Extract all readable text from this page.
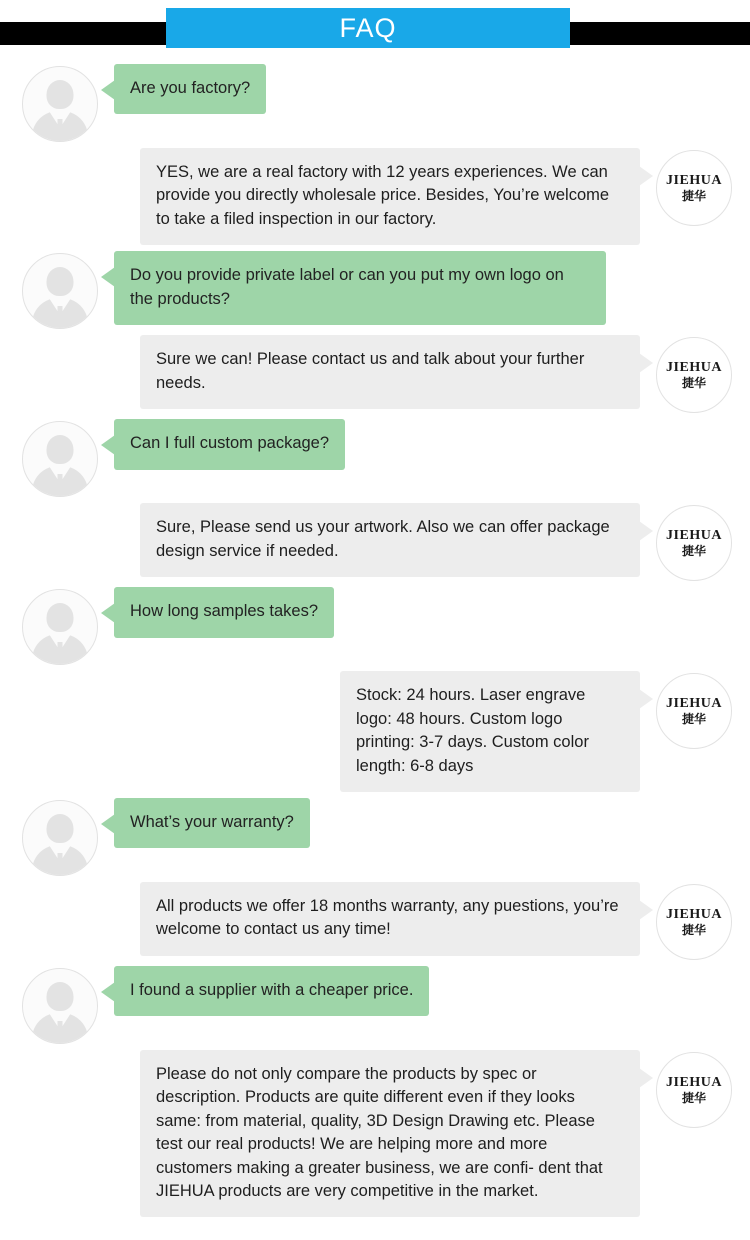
FAQ
Are you factory?
YES, we are a real factory with 12 years experiences. We can provide you directly wholesale price. Besides, You’re welcome to take a filed inspection in our factory.
JIEHUA
捷华
Do you provide private label or can you put my own logo on the products?
Sure we can! Please contact us and talk about your further needs.
JIEHUA
捷华
Can I full custom package?
Sure, Please send us your artwork. Also we can offer package design service if needed.
JIEHUA
捷华
How long samples takes?
Stock: 24 hours. Laser engrave logo: 48 hours. Custom logo printing: 3-7 days. Custom color length: 6-8 days
JIEHUA
捷华
What’s your warranty?
All products we offer 18 months warranty, any puestions, you’re welcome to contact us any time!
JIEHUA
捷华
I found a supplier with a cheaper price.
Please do not only compare the products by spec or description. Products are quite different even if they looks same: from material, quality, 3D Design Drawing etc. Please test our real products! We are helping more and more customers making a greater business, we are confi- dent that JIEHUA products are very competitive in the market.
JIEHUA
捷华
